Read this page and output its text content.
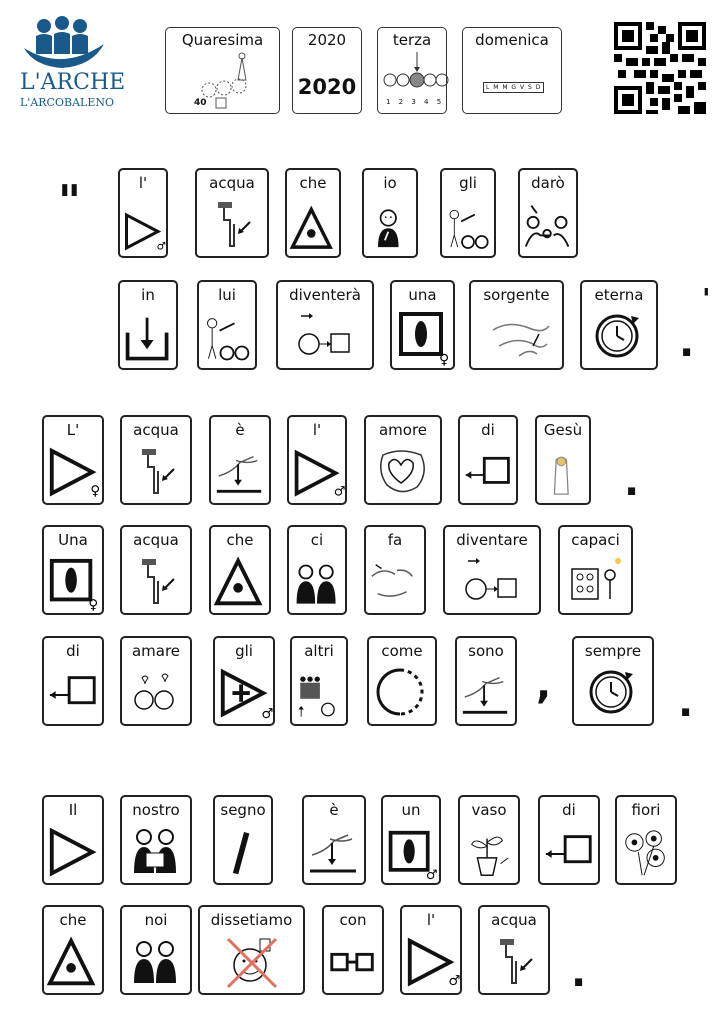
L'ARCHE
L'ARCOBALENO
Quaresima
40
2020
2020
terza
1 2 3 4 5
domenica
L M M G V S D
"	l'
♂
acqua	che	io	gli	darò
in	lui	diventerà	una
♀
sorgente	eterna
L'
♀
acqua	è	l'
♂
amore	di	Gesù
Una
♀
acqua	che	ci	fa	diventare	capaci
di	amare	gli
♂
altri	come	sono	sempre
Il	nostro	segno	è	un
♂
vaso	di	fiori
che	noi	dissetiamo	con	l'
♂
acqua
'
.
.
,	.
.
